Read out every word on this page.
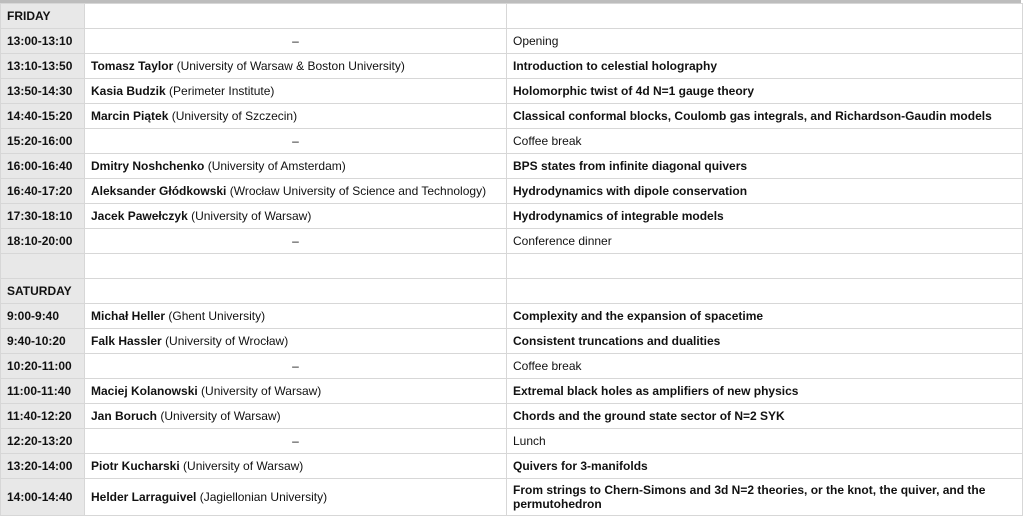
FRIDAY		
13:00-13:10	–	Opening
13:10-13:50	Tomasz Taylor (University of Warsaw & Boston University)	Introduction to celestial holography
13:50-14:30	Kasia Budzik (Perimeter Institute)	Holomorphic twist of 4d N=1 gauge theory
14:40-15:20	Marcin Piątek (University of Szczecin)	Classical conformal blocks, Coulomb gas integrals, and Richardson-Gaudin models
15:20-16:00	–	Coffee break
16:00-16:40	Dmitry Noshchenko (University of Amsterdam)	BPS states from infinite diagonal quivers
16:40-17:20	Aleksander Głódkowski (Wrocław University of Science and Technology)	Hydrodynamics with dipole conservation
17:30-18:10	Jacek Pawełczyk (University of Warsaw)	Hydrodynamics of integrable models
18:10-20:00	–	Conference dinner

SATURDAY		
9:00-9:40	Michał Heller (Ghent University)	Complexity and the expansion of spacetime
9:40-10:20	Falk Hassler (University of Wrocław)	Consistent truncations and dualities
10:20-11:00	–	Coffee break
11:00-11:40	Maciej Kolanowski (University of Warsaw)	Extremal black holes as amplifiers of new physics
11:40-12:20	Jan Boruch (University of Warsaw)	Chords and the ground state sector of N=2 SYK
12:20-13:20	–	Lunch
13:20-14:00	Piotr Kucharski (University of Warsaw)	Quivers for 3-manifolds
14:00-14:40	Helder Larraguivel (Jagiellonian University)	From strings to Chern-Simons and 3d N=2 theories, or the knot, the quiver, and the permutohedron
